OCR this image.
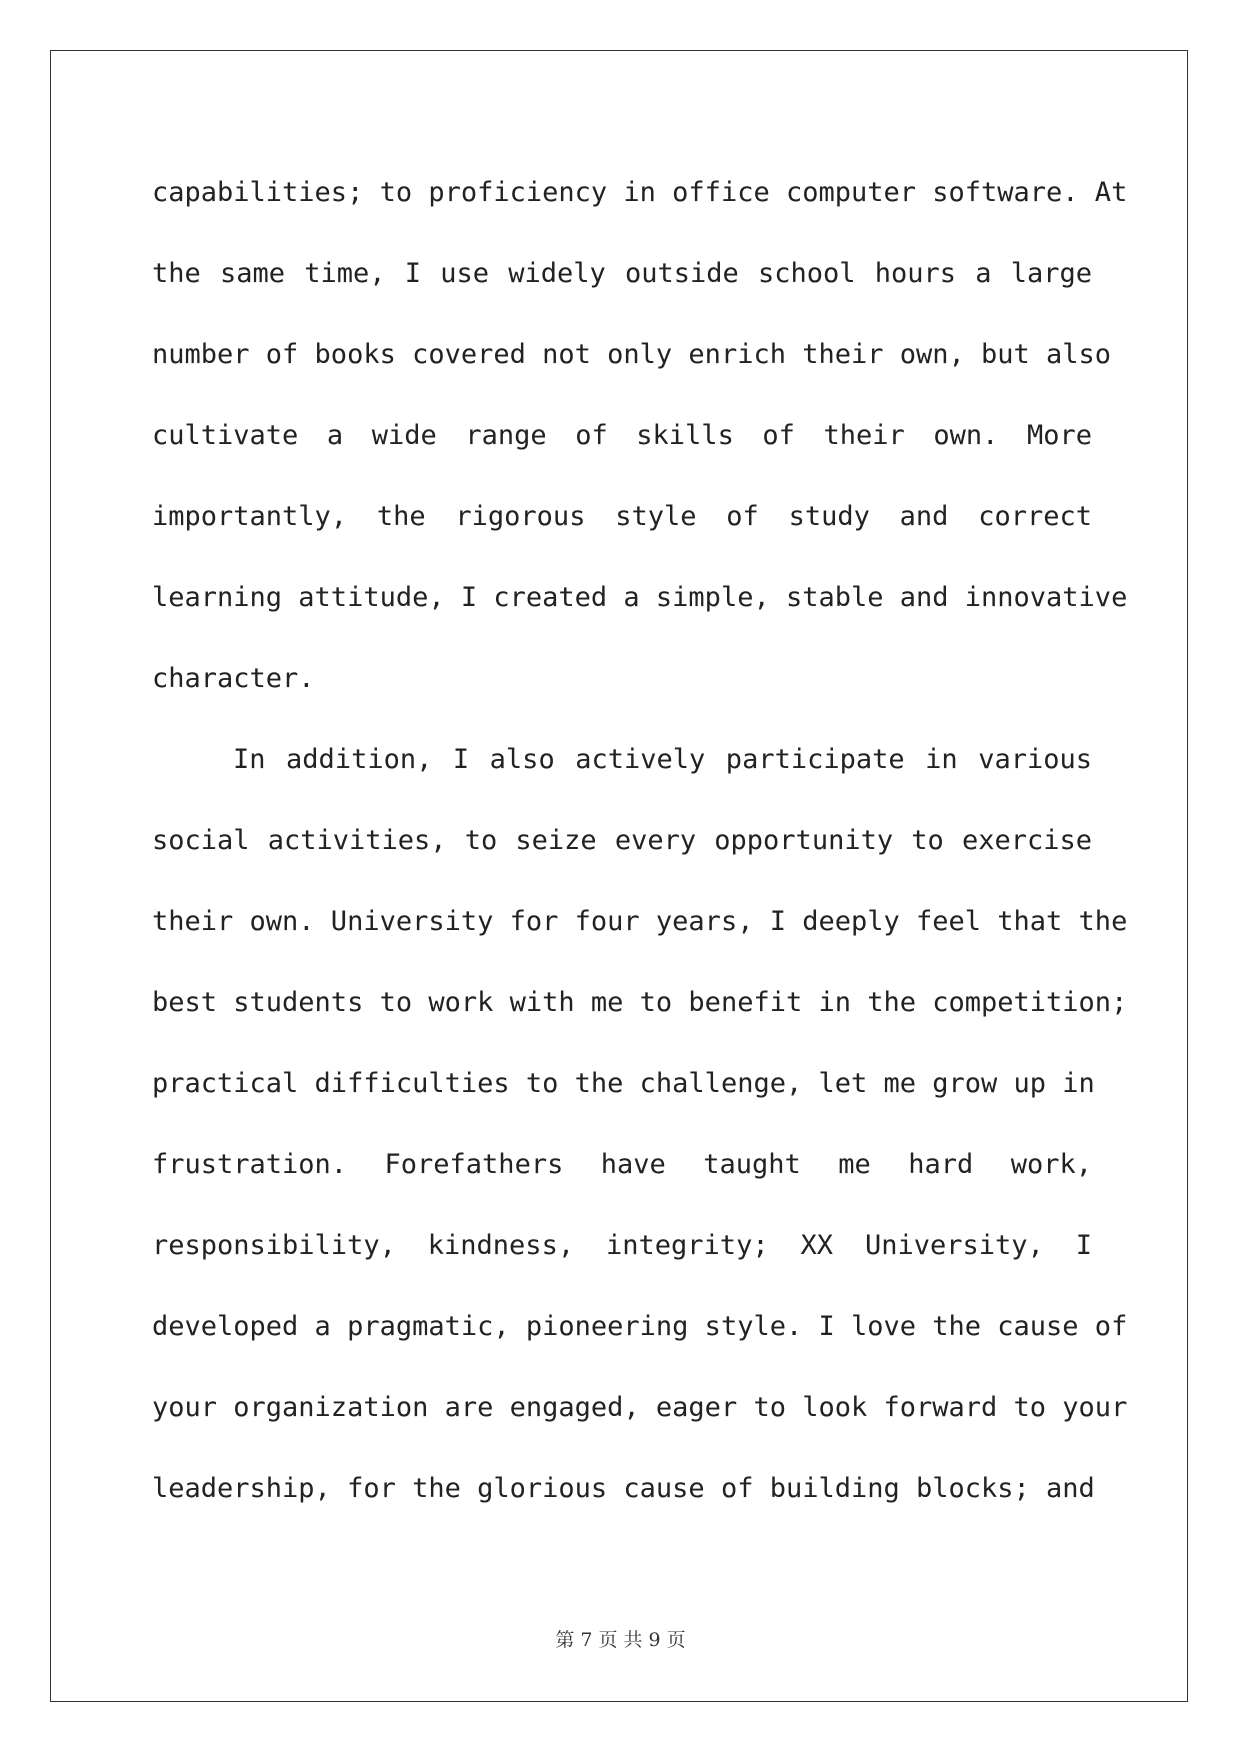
capabilities; to proficiency in office computer software. At
the same time, I use widely outside school hours a large
number of books covered not only enrich their own, but also
cultivate a wide range of skills of their own. More
importantly, the rigorous style of study and correct
learning attitude, I created a simple, stable and innovative
character.
In addition, I also actively participate in various
social activities, to seize every opportunity to exercise
their own. University for four years, I deeply feel that the
best students to work with me to benefit in the competition;
practical difficulties to the challenge, let me grow up in
frustration. Forefathers have taught me hard work,
responsibility, kindness, integrity; XX University, I
developed a pragmatic, pioneering style. I love the cause of
your organization are engaged, eager to look forward to your
leadership, for the glorious cause of building blocks; and
第 7 页 共 9 页
